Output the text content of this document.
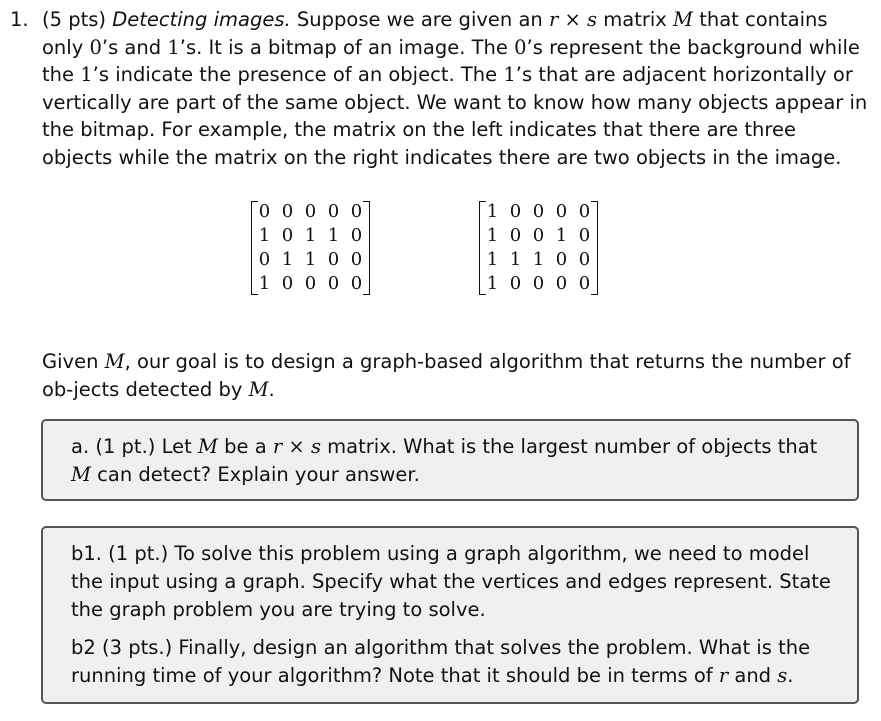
1. (5 pts) Detecting images. Suppose we are given an r × s matrix M that contains only 0’s and 1’s. It is a bitmap of an image. The 0’s represent the background while the 1’s indicate the presence of an object. The 1’s that are adjacent horizontally or vertically are part of the same object. We want to know how many objects appear in the bitmap. For example, the matrix on the left indicates that there are three objects while the matrix on the right indicates there are two objects in the image.
0	0	0	0	0
1	0	1	1	0
0	1	1	0	0
1	0	0	0	0
1	0	0	0	0
1	0	0	1	0
1	1	1	0	0
1	0	0	0	0
Given M, our goal is to design a graph-based algorithm that returns the number of ob-jects detected by M.
a. (1 pt.) Let M be a r × s matrix. What is the largest number of objects that M can detect? Explain your answer.

b1. (1 pt.) To solve this problem using a graph algorithm, we need to model the input using a graph. Specify what the vertices and edges represent. State the graph problem you are trying to solve.

b2 (3 pts.) Finally, design an algorithm that solves the problem. What is the running time of your algorithm? Note that it should be in terms of r and s.
